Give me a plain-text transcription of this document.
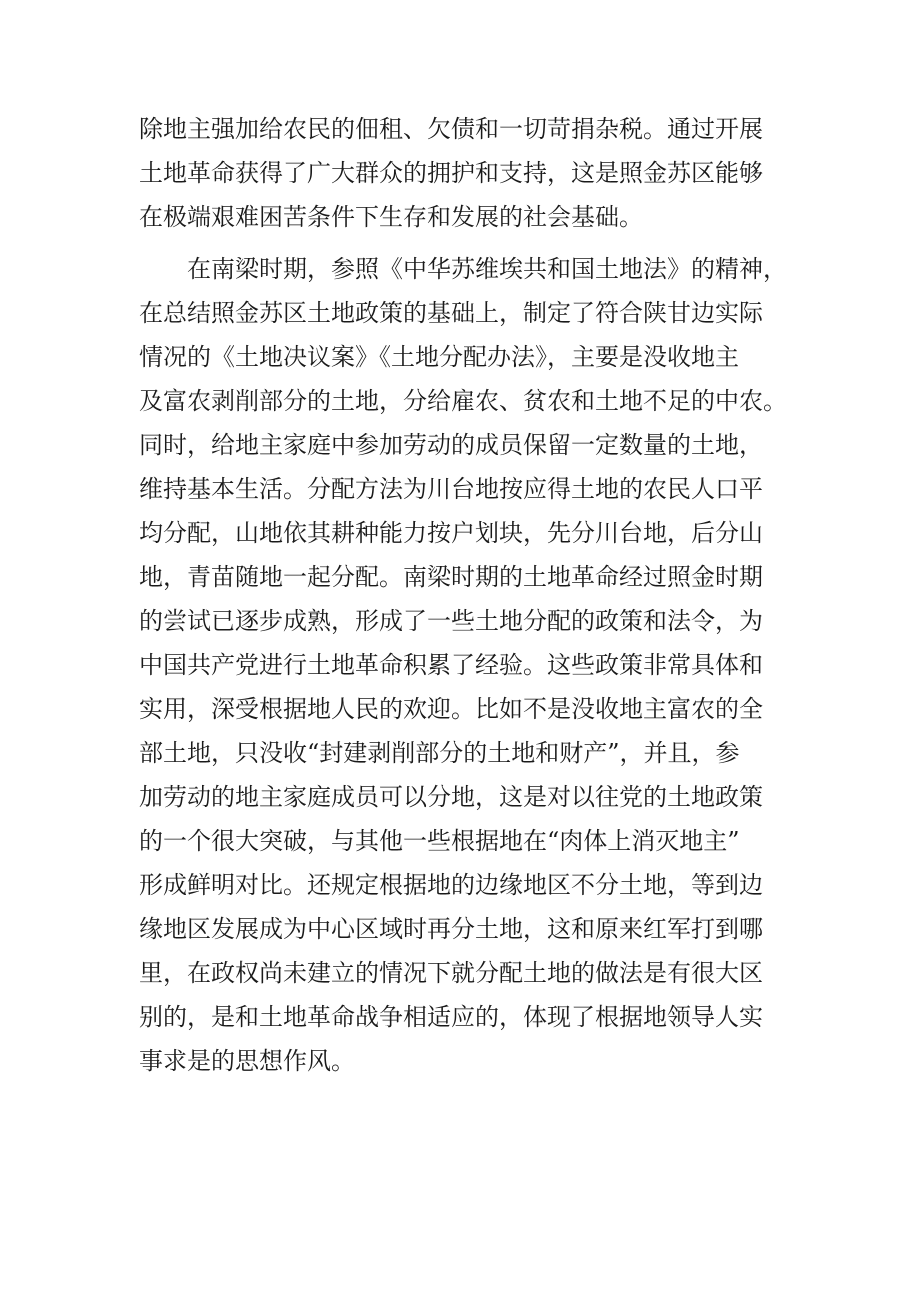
除地主强加给农民的佃租、欠债和一切苛捐杂税。通过开展
土地革命获得了广大群众的拥护和支持，这是照金苏区能够
在极端艰难困苦条件下生存和发展的社会基础。
在南梁时期，参照《中华苏维埃共和国土地法》的精神，
在总结照金苏区土地政策的基础上，制定了符合陕甘边实际
情况的《土地决议案》《土地分配办法》，主要是没收地主
及富农剥削部分的土地，分给雇农、贫农和土地不足的中农。
同时，给地主家庭中参加劳动的成员保留一定数量的土地，
维持基本生活。分配方法为川台地按应得土地的农民人口平
均分配，山地依其耕种能力按户划块，先分川台地，后分山
地，青苗随地一起分配。南梁时期的土地革命经过照金时期
的尝试已逐步成熟，形成了一些土地分配的政策和法令，为
中国共产党进行土地革命积累了经验。这些政策非常具体和
实用，深受根据地人民的欢迎。比如不是没收地主富农的全
部土地，只没收“封建剥削部分的土地和财产”，并且，参
加劳动的地主家庭成员可以分地，这是对以往党的土地政策
的一个很大突破，与其他一些根据地在“肉体上消灭地主”
形成鲜明对比。还规定根据地的边缘地区不分土地，等到边
缘地区发展成为中心区域时再分土地，这和原来红军打到哪
里，在政权尚未建立的情况下就分配土地的做法是有很大区
别的，是和土地革命战争相适应的，体现了根据地领导人实
事求是的思想作风。
